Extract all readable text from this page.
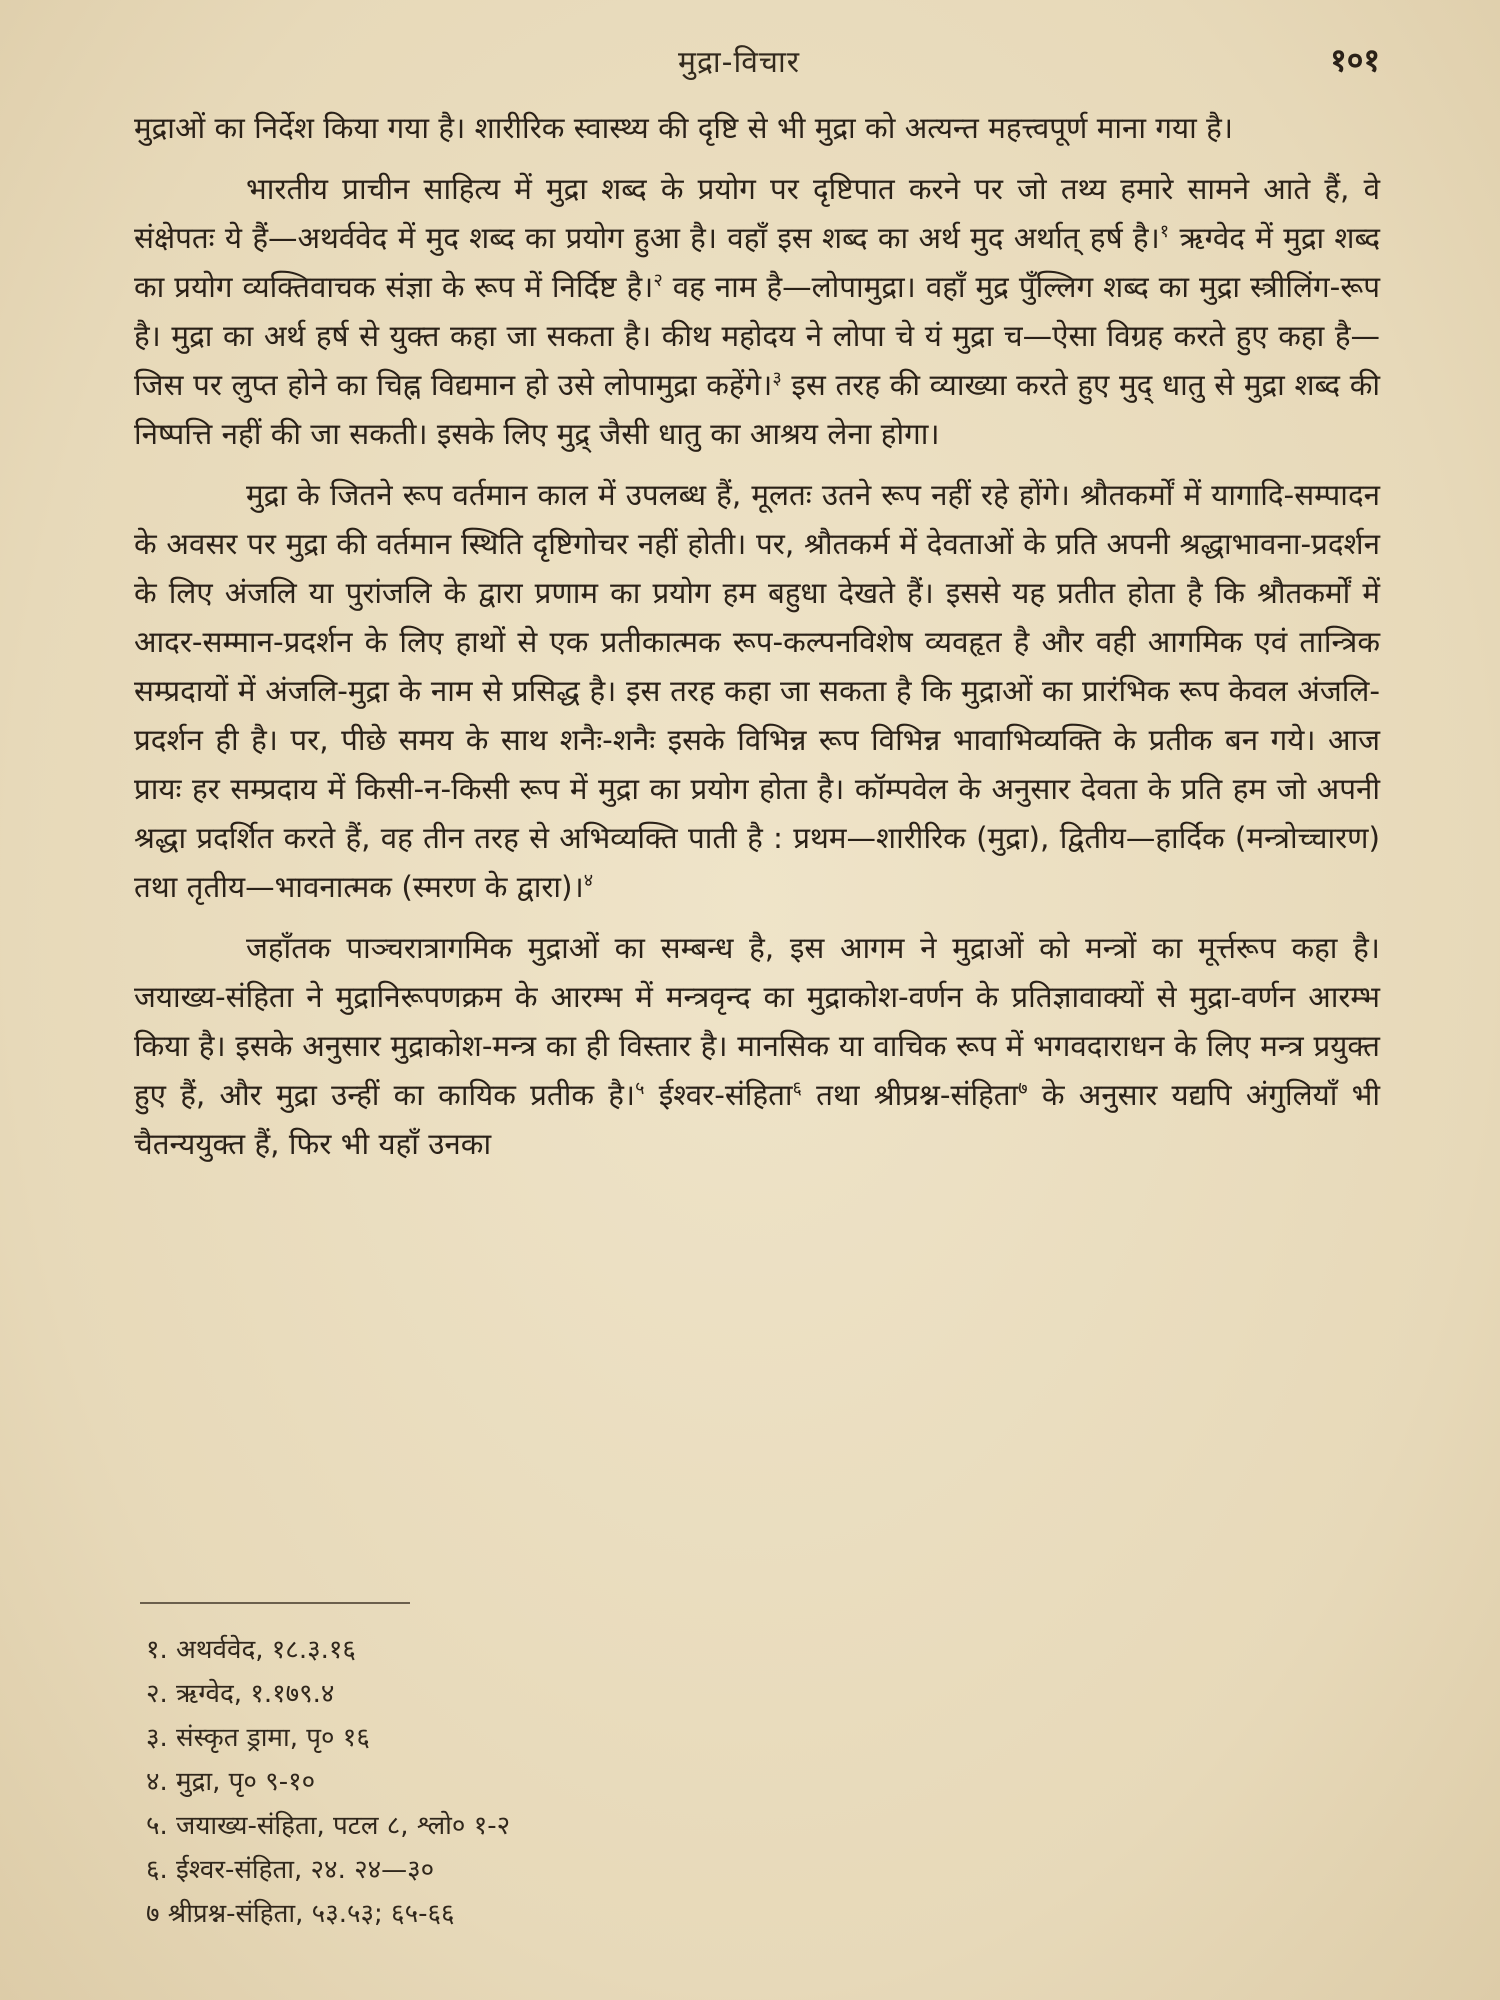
मुद्रा-विचार	१०१

मुद्राओं का निर्देश किया गया है। शारीरिक स्वास्थ्य की दृष्टि से भी मुद्रा को अत्यन्त महत्त्वपूर्ण माना गया है।

भारतीय प्राचीन साहित्य में मुद्रा शब्द के प्रयोग पर दृष्टिपात करने पर जो तथ्य हमारे सामने आते हैं, वे संक्षेपतः ये हैं—अथर्ववेद में मुद शब्द का प्रयोग हुआ है। वहाँ इस शब्द का अर्थ मुद अर्थात् हर्ष है।$^१$ ऋग्वेद में मुद्रा शब्द का प्रयोग व्यक्तिवाचक संज्ञा के रूप में निर्दिष्ट है।$^२$ वह नाम है—लोपामुद्रा। वहाँ मुद्र पुँल्लिग शब्द का मुद्रा स्त्रीलिंग-रूप है। मुद्रा का अर्थ हर्ष से युक्त कहा जा सकता है। कीथ महोदय ने लोपा चे यं मुद्रा च—ऐसा विग्रह करते हुए कहा है—जिस पर लुप्त होने का चिह्न विद्यमान हो उसे लोपामुद्रा कहेंगे।$^३$ इस तरह की व्याख्या करते हुए मुद् धातु से मुद्रा शब्द की निष्पत्ति नहीं की जा सकती। इसके लिए मुद्र् जैसी धातु का आश्रय लेना होगा।

मुद्रा के जितने रूप वर्तमान काल में उपलब्ध हैं, मूलतः उतने रूप नहीं रहे होंगे। श्रौतकर्मों में यागादि-सम्पादन के अवसर पर मुद्रा की वर्तमान स्थिति दृष्टिगोचर नहीं होती। पर, श्रौतकर्म में देवताओं के प्रति अपनी श्रद्धाभावना-प्रदर्शन के लिए अंजलि या पुरांजलि के द्वारा प्रणाम का प्रयोग हम बहुधा देखते हैं। इससे यह प्रतीत होता है कि श्रौतकर्मों में आदर-सम्मान-प्रदर्शन के लिए हाथों से एक प्रतीकात्मक रूप-कल्पनविशेष व्यवहृत है और वही आगमिक एवं तान्त्रिक सम्प्रदायों में अंजलि-मुद्रा के नाम से प्रसिद्ध है। इस तरह कहा जा सकता है कि मुद्राओं का प्रारंभिक रूप केवल अंजलि-प्रदर्शन ही है। पर, पीछे समय के साथ शनैः-शनैः इसके विभिन्न रूप विभिन्न भावाभिव्यक्ति के प्रतीक बन गये। आज प्रायः हर सम्प्रदाय में किसी-न-किसी रूप में मुद्रा का प्रयोग होता है। कॉम्पवेल के अनुसार देवता के प्रति हम जो अपनी श्रद्धा प्रदर्शित करते हैं, वह तीन तरह से अभिव्यक्ति पाती है : प्रथम—शारीरिक (मुद्रा), द्वितीय—हार्दिक (मन्त्रोच्चारण) तथा तृतीय—भावनात्मक (स्मरण के द्वारा)।$^४$

जहाँतक पाञ्चरात्रागमिक मुद्राओं का सम्बन्ध है, इस आगम ने मुद्राओं को मन्त्रों का मूर्त्तरूप कहा है। जयाख्य-संहिता ने मुद्रानिरूपणक्रम के आरम्भ में मन्त्रवृन्द का मुद्राकोश-वर्णन के प्रतिज्ञावाक्यों से मुद्रा-वर्णन आरम्भ किया है। इसके अनुसार मुद्राकोश-मन्त्र का ही विस्तार है। मानसिक या वाचिक रूप में भगवदाराधन के लिए मन्त्र प्रयुक्त हुए हैं, और मुद्रा उन्हीं का कायिक प्रतीक है।$^५$ ईश्वर-संहिता$^६$ तथा श्रीप्रश्न-संहिता$^७$ के अनुसार यद्यपि अंगुलियाँ भी चैतन्ययुक्त हैं, फिर भी यहाँ उनका

१. अथर्ववेद, १८.३.१६
२. ऋग्वेद, १.१७९.४
३. संस्कृत ड्रामा, पृ० १६
४. मुद्रा, पृ० ९-१०
५. जयाख्य-संहिता, पटल ८, श्लो० १-२
६. ईश्वर-संहिता, २४. २४—३०
७ श्रीप्रश्न-संहिता, ५३.५३; ६५-६६
